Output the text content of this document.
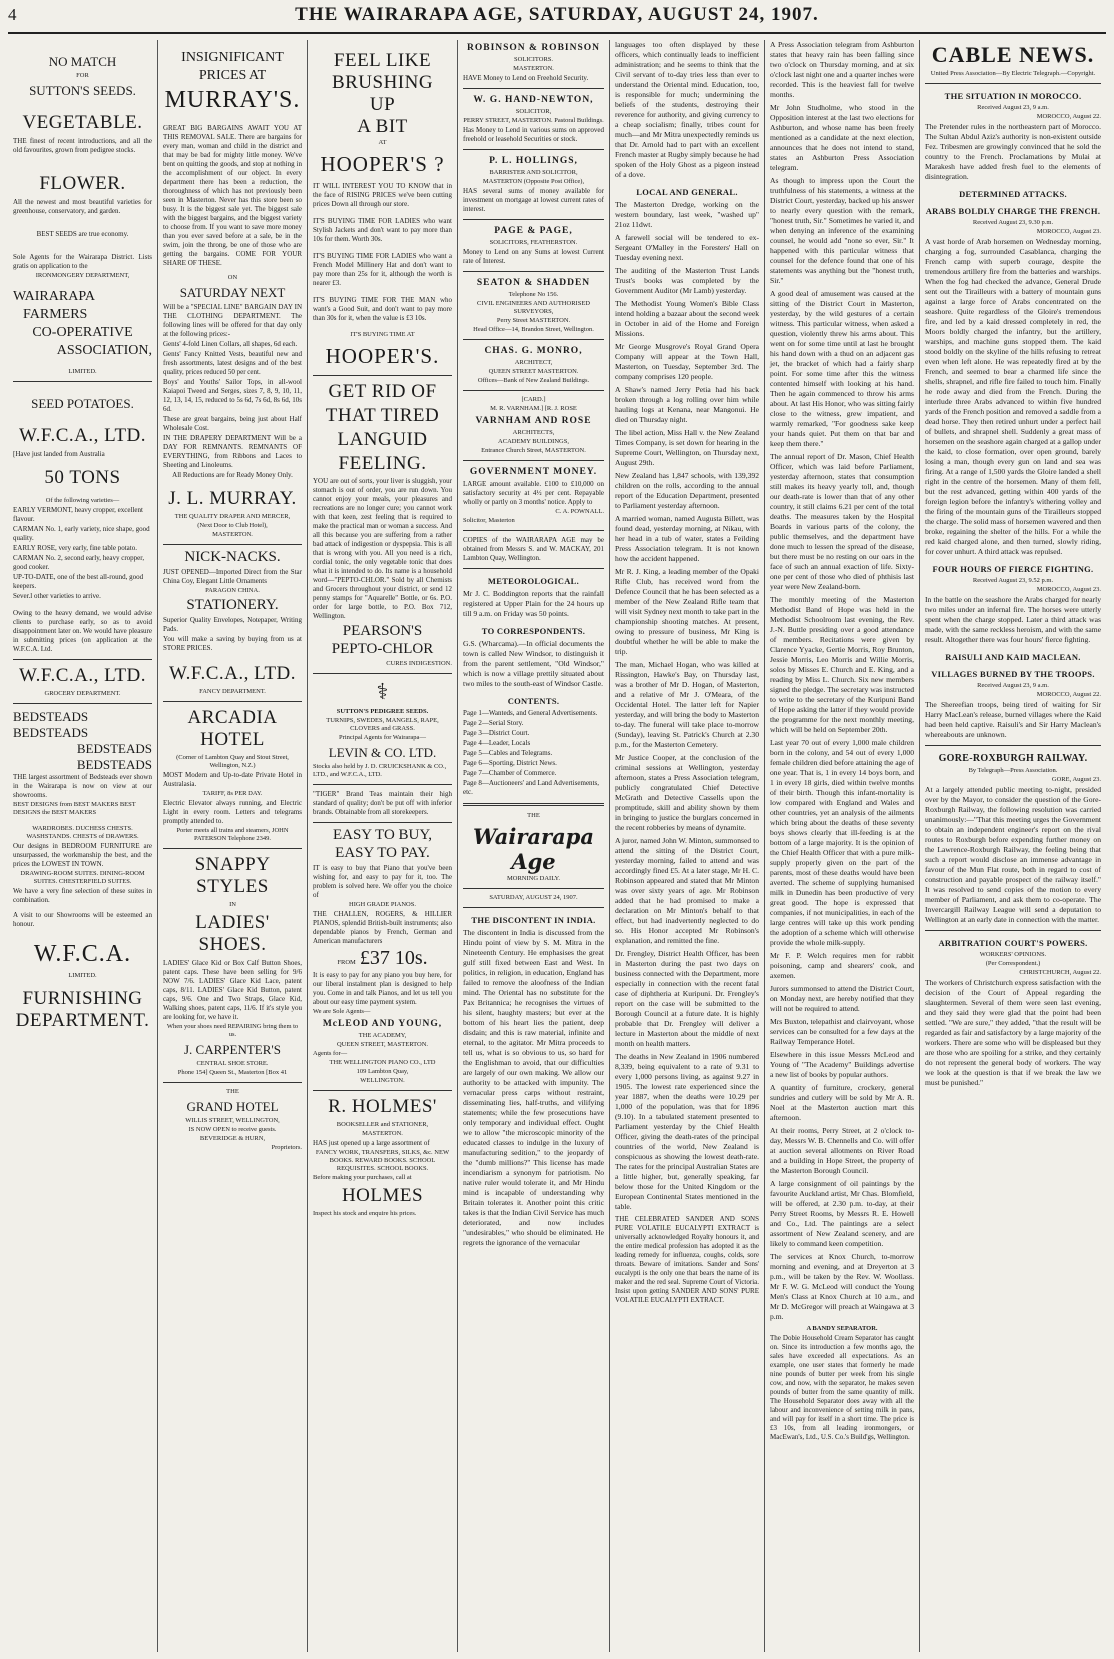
4	THE WAIRARAPA AGE, SATURDAY, AUGUST 24, 1907.

NO MATCH

FOR

SUTTON'S SEEDS.

VEGETABLE.

THE finest of recent introductions, and all the old favourites, grown from pedigree stocks.

FLOWER.

All the newest and most beautiful varieties for greenhouse, conservatory, and garden.

BEST SEEDS are true economy.

Sole Agents for the Wairarapa District. Lists gratis on application to the

IRONMONGERY DEPARTMENT,

WAIRARAPA

FARMERS

CO-OPERATIVE

ASSOCIATION,

LIMITED.

SEED POTATOES.

W.F.C.A., LTD.

[Have just landed from Australia

50 TONS

Of the following varieties—

EARLY VERMONT, heavy cropper, excellent flavour.

CARMAN No. 1, early variety, nice shape, good quality.

EARLY ROSE, very early, fine table potato.

CARMAN No. 2, second early, heavy cropper, good cooker.

UP-TO-DATE, one of the best all-round, good keepers.

Sever.l other varieties to arrive.

Owing to the heavy demand, we would advise clients to purchase early, so as to avoid disappointment later on. We would have pleasure in submitting prices (on application at the W.F.C.A. Ltd.

W.F.C.A., LTD.

GROCERY DEPARTMENT.

BEDSTEADS

BEDSTEADS

BEDSTEADS

BEDSTEADS

THE largest assortment of Bedsteads ever shown in the Wairarapa is now on view at our showrooms.

BEST DESIGNS from BEST MAKERS BEST DESIGNS the BEST MAKERS

WARDROBES. DUCHESS CHESTS. WASHSTANDS. CHESTS of DRAWERS.

Our designs in BEDROOM FURNITURE are unsurpassed, the workmanship the best, and the prices the LOWEST IN TOWN.

DRAWING-ROOM SUITES. DINING-ROOM SUITES. CHESTERFIELD SUITES.

We have a very fine selection of these suites in combination.

A visit to our Showrooms will be esteemed an honour.

W.F.C.A.

LIMITED.

FURNISHING DEPARTMENT.

INSIGNIFICANT

PRICES AT

MURRAY'S.

GREAT BIG BARGAINS AWAIT YOU AT THIS REMOVAL SALE. There are bargains for every man, woman and child in the district and that may be bad for mighty little money. We've bent on quitting the goods, and stop at nothing in the accomplishment of our object. In every department there has been a reduction, the thoroughness of which has not previously been seen in Masterton. Never has this store been so busy. It is the biggest sale yet. The biggest sale with the biggest bargains, and the biggest variety to choose from. If you want to save more money than you ever saved before at a sale, be in the swim, join the throng, be one of those who are getting the bargains. COME FOR YOUR SHARE OF THESE.

ON

SATURDAY NEXT

Will be a "SPECIAL LINE" BARGAIN DAY IN THE CLOTHING DEPARTMENT. The following lines will be offered for that day only at the following prices:-

Gents' 4-fold Linen Collars, all shapes, 6d each.

Gents' Fancy Knitted Vests, beautiful new and fresh assortments, latest designs and of the best quality, prices reduced 50 per cent.

Boys' and Youths' Sailor Tops, in all-wool Kaiapoi Tweed and Serges, sizes 7, 8, 9, 10, 11, 12, 13, 14, 15, reduced to 5s 6d, 7s 6d, 8s 6d, 10s 6d.

These are great bargains, being just about Half Wholesale Cost.

IN THE DRAPERY DEPARTMENT Will be a DAY FOR REMNANTS. REMNANTS OF EVERYTHING, from Ribbons and Laces to Sheeting and Linoleums.

All Reductions are for Ready Money Only.

J. L. MURRAY.

THE QUALITY DRAPER AND MERCER,

(Next Door to Club Hotel),

MASTERTON.

NICK-NACKS.

JUST OPENED—Imported Direct from the Star China Coy, Elegant Little Ornaments

PARAGON CHINA.

STATIONERY.

Superior Quality Envelopes, Notepaper, Writing Pads.

You will make a saving by buying from us at STORE PRICES.

W.F.C.A., LTD.

FANCY DEPARTMENT.

ARCADIA HOTEL

(Corner of Lambton Quay and Stout Street, Wellington, N.Z.)

MOST Modern and Up-to-date Private Hotel in Australasia.

TARIFF, 8s PER DAY.

Electric Elevator always running, and Electric Light in every room. Letters and telegrams promptly attended to.

Porter meets all trains and steamers, JOHN PATERSON Telephone 2349.

SNAPPY STYLES

IN

LADIES' SHOES.

LADIES' Glace Kid or Box Calf Button Shoes, patent caps. These have been selling for 9/6 NOW 7/6. LADIES' Glace Kid Lace, patent caps, 8/11. LADIES' Glace Kid Button, patent caps, 9/6. One and Two Straps, Glace Kid, Walking shoes, patent caps, 11/6. If it's style you are looking for, we have it.

When your shoes need REPAIRING bring them to us.

J. CARPENTER'S

CENTRAL SHOE STORE.

Phone 154] Queen St., Masterton [Box 41

THE

GRAND HOTEL

WILLIS STREET, WELLINGTON,

IS NOW OPEN to receive guests.

BEVERIDGE & HURN,

Proprietors.

FEEL LIKE

BRUSHING

UP

A BIT

AT

HOOPER'S ?

IT WILL INTEREST YOU TO KNOW that in the face of RISING PRICES we've been cutting prices Down all through our store.

IT'S BUYING TIME FOR LADIES who want Stylish Jackets and don't want to pay more than 10s for them. Worth 30s.

IT'S BUYING TIME FOR LADIES who want a French Model Millinery Hat and don't want to pay more than 25s for it, although the worth is nearer £3.

IT'S BUYING TIME FOR THE MAN who want's a Good Suit, and don't want to pay more than 30s for it, when the value is £3 10s.

IT'S BUYING TIME AT

HOOPER'S.

GET RID OF

THAT TIRED

LANGUID

FEELING.

YOU are out of sorts, your liver is sluggish, your stomach is out of order, you are run down. You cannot enjoy your meals, your pleasures and recreations are no longer cure; you cannot work with that keen, zest feeling that is required to make the practical man or woman a success. And all this because you are suffering from a rather bad attack of indigestion or dyspepsia. This is all that is wrong with you. All you need is a rich, cordial tonic, the only vegetable tonic that does what it is intended to do. Its name is a household word—"PEPTO-CHLOR." Sold by all Chemists and Grocers throughout your district, or send 12 penny stamps for "Aquarelle" Bottle, or 6s. P.O. order for large bottle, to P.O. Box 712, Wellington.

PEARSON'S

PEPTO-CHLOR

CURES INDIGESTION.

⚕

SUTTON'S PEDIGREE SEEDS.

TURNIPS, SWEDES, MANGELS, RAPE, CLOVERS and GRASS.

Principal Agents for Wairarapa—

LEVIN & CO. LTD.

Stocks also held by J. D. CRUICKSHANK & CO., LTD., and W.F.C.A., LTD.

"TIGER" Brand Teas maintain their high standard of quality; don't be put off with inferior brands. Obtainable from all storekeepers.

EASY TO BUY,

EASY TO PAY.

IT is easy to buy that Piano that you've been wishing for, and easy to pay for it, too. The problem is solved here. We offer you the choice of

HIGH GRADE PIANOS.

THE CHALLEN, ROGERS, & HILLIER PIANOS, splendid British-built instruments; also dependable pianos by French, German and American manufacturers

FROM £37 10s.

It is easy to pay for any piano you buy here, for our liberal instalment plan is designed to help you. Come in and talk Pianos, and let us tell you about our easy time payment system.

We are Sole Agents—

McLEOD AND YOUNG,

THE ACADEMY,

QUEEN STREET, MASTERTON.

Agents for—

THE WELLINGTON PIANO CO., LTD

109 Lambton Quay,

WELLINGTON.

R. HOLMES'

BOOKSELLER and STATIONER,

MASTERTON.

HAS just opened up a large assortment of

FANCY WORK, TRANSFERS, SILKS, &c. NEW BOOKS. REWARD BOOKS. SCHOOL REQUISITES. SCHOOL BOOKS.

Before making your purchases, call at

HOLMES

Inspect his stock and enquire his prices.

ROBINSON & ROBINSON

SOLICITORS.

MASTERTON.

HAVE Money to Lend on Freehold Security.

W. G. HAND-NEWTON,

SOLICITOR,

PERRY STREET, MASTERTON. Pastoral Buildings.

Has Money to Lend in various sums on approved freehold or leasehold Securities or stock.

P. L. HOLLINGS,

BARRISTER AND SOLICITOR,

MASTERTON (Opposite Post Office),

HAS several sums of money available for investment on mortgage at lowest current rates of interest.

PAGE & PAGE,

SOLICITORS, FEATHERSTON.

Money to Lend on any Sums at lowest Current rate of Interest.

SEATON & SHADDEN

Telephone No 156.

CIVIL ENGINEERS AND AUTHORISED SURVEYORS,

Perry Street MASTERTON.

Head Office—14, Brandon Street, Wellington.

CHAS. G. MONRO,

ARCHITECT,

QUEEN STREET MASTERTON.

Offices—Bank of New Zealand Buildings.

[CARD.]

M. R. VARNHAM.] [R. J. ROSE

VARNHAM AND ROSE

ARCHITECTS,

ACADEMY BUILDINGS,

Entrance Church Street, MASTERTON.

GOVERNMENT MONEY.

LARGE amount available. £100 to £10,000 on satisfactory security at 4½ per cent. Repayable wholly or partly on 3 months' notice. Apply to

C. A. POWNALL.

Solicitor, Masterton

COPIES of the WAIRARAPA AGE may be obtained from Messrs S. and W. MACKAY, 201 Lambton Quay, Wellington.

METEOROLOGICAL.

Mr J. C. Boddington reports that the rainfall registered at Upper Plain for the 24 hours up till 9 a.m. on Friday was 50 points.

TO CORRESPONDENTS.

G.S. (Wharcama).—In official documents the town is called New Windsor, to distinguish it from the parent settlement, "Old Windsor," which is now a village prettily situated about two miles to the south-east of Windsor Castle.

CONTENTS.

Page 1—Wanteds, and General Advertisements.

Page 2—Serial Story.

Page 3—District Court.

Page 4—Leader, Locals

Page 5—Cables and Telegrams.

Page 6—Sporting, District News.

Page 7—Chamber of Commerce.

Page 8—Auctioneers' and Land Advertisements, etc.

THE

Wairarapa Age

MORNING DAILY.

SATURDAY, AUGUST 24, 1907.

THE DISCONTENT IN INDIA.

The discontent in India is discussed from the Hindu point of view by S. M. Mitra in the Nineteenth Century. He emphasises the great gulf still fixed between East and West. In politics, in religion, in education, England has failed to remove the aloofness of the Indian mind. The Oriental has no substitute for the Pax Britannica; he recognises the virtues of his silent, haughty masters; but ever at the bottom of his heart lies the patient, deep disdain; and this is raw material, infinite and eternal, to the agitator. Mr Mitra proceeds to tell us, what is so obvious to us, so hard for the Englishman to avoid, that our difficulties are largely of our own making. We allow our authority to be attacked with impunity. The vernacular press carps without restraint, disseminating lies, half-truths, and vilifying statements; while the few prosecutions have only temporary and individual effect. Ought we to allow "the microscopic minority of the educated classes to indulge in the luxury of manufacturing sedition," to the jeopardy of the "dumb millions?" This license has made incendiarism a synonym for patriotism. No native ruler would tolerate it, and Mr Hindu mind is incapable of understanding why Britain tolerates it. Another point this critic takes is that the Indian Civil Service has much deteriorated, and now includes "undesirables," who should be eliminated. He regrets the ignorance of the vernacular

languages too often displayed by these officers, which continually leads to inefficient administration; and he seems to think that the Civil servant of to-day tries less than ever to understand the Oriental mind. Education, too, is responsible for much; undermining the beliefs of the students, destroying their reverence for authority, and giving currency to a cheap socialism; finally, tribes count for much—and Mr Mitra unexpectedly reminds us that Dr. Arnold had to part with an excellent French master at Rugby simply because he had spoken of the Holy Ghost as a pigeon instead of a dove.

LOCAL AND GENERAL.

The Masterton Dredge, working on the western boundary, last week, "washed up" 21oz 11dwt.

A farewell social will be tendered to ex-Sergeant O'Malley in the Foresters' Hall on Tuesday evening next.

The auditing of the Masterton Trust Lands Trust's books was completed by the Government Auditor (Mr Lamb) yesterday.

The Methodist Young Women's Bible Class intend holding a bazaar about the second week in October in aid of the Home and Foreign Missions.

Mr George Musgrove's Royal Grand Opera Company will appear at the Town Hall, Masterton, on Tuesday, September 3rd. The company comprises 120 people.

A Shaw's named Jerry Petia had his back broken through a log rolling over him while hauling logs at Kenana, near Mangonui. He died on Thursday night.

The libel action, Miss Hall v. the New Zealand Times Company, is set down for hearing in the Supreme Court, Wellington, on Thursday next, August 29th.

New Zealand has 1,847 schools, with 139,392 children on the rolls, according to the annual report of the Education Department, presented to Parliament yesterday afternoon.

A married woman, named Augusta Billett, was found dead, yesterday morning, at Nikau, with her head in a tub of water, states a Feilding Press Association telegram. It is not known how the accident happened.

Mr R. J. King, a leading member of the Opaki Rifle Club, has received word from the Defence Council that he has been selected as a member of the New Zealand Rifle team that will visit Sydney next month to take part in the championship shooting matches. At present, owing to pressure of business, Mr King is doubtful whether he will be able to make the trip.

The man, Michael Hogan, who was killed at Rissington, Hawke's Bay, on Thursday last, was a brother of Mr D. Hogan, of Masterton, and a relative of Mr J. O'Meara, of the Occidental Hotel. The latter left for Napier yesterday, and will bring the body to Masterton to-day. The funeral will take place to-morrow (Sunday), leaving St. Patrick's Church at 2.30 p.m., for the Masterton Cemetery.

Mr Justice Cooper, at the conclusion of the criminal sessions at Wellington, yesterday afternoon, states a Press Association telegram, publicly congratulated Chief Detective McGrath and Detective Cassells upon the promptitude, skill and ability shown by them in bringing to justice the burglars concerned in the recent robberies by means of dynamite.

A juror, named John W. Minton, summonsed to attend the sitting of the District Court, yesterday morning, failed to attend and was accordingly fined £5. At a later stage, Mr H. C. Robinson appeared and stated that Mr Minton was over sixty years of age. Mr Robinson added that he had promised to make a declaration on Mr Minton's behalf to that effect, but had inadvertently neglected to do so. His Honor accepted Mr Robinson's explanation, and remitted the fine.

Dr. Frengley, District Health Officer, has been in Masterton during the past two days on business connected with the Department, more especially in connection with the recent fatal case of diphtheria at Kuripuni. Dr. Frengley's report on the case will be submitted to the Borough Council at a future date. It is highly probable that Dr. Frengley will deliver a lecture in Masterton about the middle of next month on health matters.

The deaths in New Zealand in 1906 numbered 8,339, being equivalent to a rate of 9.31 to every 1,000 persons living, as against 9.27 in 1905. The lowest rate experienced since the year 1887, when the deaths were 10.29 per 1,000 of the population, was that for 1896 (9.10). In a tabulated statement presented to Parliament yesterday by the Chief Health Officer, giving the death-rates of the principal countries of the world, New Zealand is conspicuous as showing the lowest death-rate. The rates for the principal Australian States are a little higher, but, generally speaking, far below those for the United Kingdom or the European Continental States mentioned in the table.

THE CELEBRATED SANDER AND SONS PURE VOLATILE EUCALYPTI EXTRACT is universally acknowledged Royalty honours it, and the entire medical profession has adopted it as the leading remedy for influenza, coughs, colds, sore throats. Beware of imitations. Sander and Sons' eucalypti is the only one that bears the name of its maker and the red seal. Supreme Court of Victoria. Insist upon getting SANDER AND SONS' PURE VOLATILE EUCALYPTI EXTRACT.

A Press Association telegram from Ashburton states that heavy rain has been falling since two o'clock on Thursday morning, and at six o'clock last night one and a quarter inches were recorded. This is the heaviest fall for twelve months.

Mr John Studholme, who stood in the Opposition interest at the last two elections for Ashburton, and whose name has been freely mentioned as a candidate at the next election, announces that he does not intend to stand, states an Ashburton Press Association telegram.

As though to impress upon the Court the truthfulness of his statements, a witness at the District Court, yesterday, backed up his answer to nearly every question with the remark, "honest truth, Sir." Sometimes he varied it, and when denying an inference of the examining counsel, he would add "none so ever, Sir." It happened with this particular witness that counsel for the defence found that one of his statements was anything but the "honest truth, Sir."

A good deal of amusement was caused at the sitting of the District Court in Masterton, yesterday, by the wild gestures of a certain witness. This particular witness, when asked a question, violently threw his arms about. This went on for some time until at last he brought his hand down with a thud on an adjacent gas jet, the bracket of which had a fairly sharp point. For some time after this the witness contented himself with looking at his hand. Then he again commenced to throw his arms about. At last His Honor, who was sitting fairly close to the witness, grew impatient, and warmly remarked, "For goodness sake keep your hands quiet. Put them on that bar and keep them there."

The annual report of Dr. Mason, Chief Health Officer, which was laid before Parliament, yesterday afternoon, states that consumption still makes its heavy yearly toll, and, though our death-rate is lower than that of any other country, it still claims 6.21 per cent of the total deaths. The measures taken by the Hospital Boards in various parts of the colony, the public themselves, and the department have done much to lessen the spread of the disease, but there must be no resting on our oars in the face of such an annual exaction of life. Sixty-one per cent of those who died of phthisis last year were New Zealand-born.

The monthly meeting of the Masterton Methodist Band of Hope was held in the Methodist Schoolroom last evening, the Rev. J.-N. Buttle presiding over a good attendance of members. Recitations were given by Clarence Yyacke, Gertie Morris, Roy Brunton, Jessie Morris, Leo Morris and Willie Morris, solos by Misses E. Church and E. King, and a reading by Miss L. Church. Six new members signed the pledge. The secretary was instructed to write to the secretary of the Kuripuni Band of Hope asking the latter if they would provide the programme for the next monthly meeting, which will be held on September 20th.

Last year 70 out of every 1,000 male children born in the colony, and 54 out of every 1,000 female children died before attaining the age of one year. That is, 1 in every 14 boys born, and 1 in every 18 girls, died within twelve months of their birth. Though this infant-mortality is low compared with England and Wales and other countries, yet an analysis of the ailments which bring about the deaths of these seventy boys shows clearly that ill-feeding is at the bottom of a large majority. It is the opinion of the Chief Health Officer that with a pure milk-supply properly given on the part of the parents, most of these deaths would have been averted. The scheme of supplying humanised milk in Dunedin has been productive of very great good. The hope is expressed that companies, if not municipalities, in each of the large centres will take up this work pending the adoption of a scheme which will otherwise provide the whole milk-supply.

Mr F. P. Welch requires men for rabbit poisoning, camp and shearers' cook, and axemen.

Jurors summonsed to attend the District Court, on Monday next, are hereby notified that they will not be required to attend.

Mrs Buxton, telepathist and clairvoyant, whose services can be consulted for a few days at the Railway Temperance Hotel.

Elsewhere in this issue Messrs McLeod and Young of "The Academy" Buildings advertise a new list of books by popular authors.

A quantity of furniture, crockery, general sundries and cutlery will be sold by Mr A. R. Noel at the Masterton auction mart this afternoon.

At their rooms, Perry Street, at 2 o'clock to-day, Messrs W. B. Chennells and Co. will offer at auction several allotments on River Road and a building in Hope Street, the property of the Masterton Borough Council.

A large consignment of oil paintings by the favourite Auckland artist, Mr Chas. Blomfield, will be offered, at 2.30 p.m. to-day, at their Perry Street Rooms, by Messrs R. E. Howell and Co., Ltd. The paintings are a select assortment of New Zealand scenery, and are likely to command keen competition.

The services at Knox Church, to-morrow morning and evening, and at Dreyerton at 3 p.m., will be taken by the Rev. W. Woollass. Mr F. W. G. McLeod will conduct the Young Men's Class at Knox Church at 10 a.m., and Mr D. McGregor will preach at Waingawa at 3 p.m.

A BANDY SEPARATOR.

The Dobie Household Cream Separator has caught on. Since its introduction a few months ago, the sales have exceeded all expectations. As an example, one user states that formerly he made nine pounds of butter per week from his single cow, and now, with the separator, he makes seven pounds of butter from the same quantity of milk. The Household Separator does away with all the labour and inconvenience of setting milk in pans, and will pay for itself in a short time. The price is £3 10s, from all leading ironmongers, or MacEwan's, Ltd., U.S. Co.'s Build'gs, Wellington.

CABLE NEWS.

United Press Association—By Electric Telegraph.—Copyright.

THE SITUATION IN MOROCCO.

Received August 23, 9 a.m.

MOROCCO, August 22.

The Pretender rules in the northeastern part of Morocco. The Sultan Abdul Aziz's authority is non-existent outside Fez. Tribesmen are growingly convinced that he sold the country to the French. Proclamations by Mulai at Marakesh have added fresh fuel to the elements of disintegration.

DETERMINED ATTACKS.

ARABS BOLDLY CHARGE THE FRENCH.

Received August 23, 9.30 p.m.

MOROCCO, August 23.

A vast horde of Arab horsemen on Wednesday morning, charging a fog, surrounded Casablanca, charging the French camp with superb courage, despite the tremendous artillery fire from the batteries and warships. When the fog had checked the advance, General Drude sent out the Tirailleurs with a battery of mountain guns against a large force of Arabs concentrated on the seashore. Quite regardless of the Gloire's tremendous fire, and led by a kaid dressed completely in red, the Moors boldly charged the infantry, but the artillery, warships, and machine guns stopped them. The kaid stood boldly on the skyline of the hills refusing to retreat even when left alone. He was repeatedly fired at by the French, and seemed to bear a charmed life since the shells, shrapnel, and rifle fire failed to touch him. Finally he rode away and died from the French. During the interlude three Arabs advanced to within five hundred yards of the French position and removed a saddle from a dead horse. They then retired unhurt under a perfect hail of bullets, and shrapnel shell. Suddenly a great mass of horsemen on the seashore again charged at a gallop under the kaid, to close formation, over open ground, barely losing a man, though every gun on land and sea was firing. At a range of 1,500 yards the Gloire landed a shell right in the centre of the horsemen. Many of them fell, but the rest advanced, getting within 400 yards of the foreign legion before the infantry's withering volley and the firing of the mountain guns of the Tirailleurs stopped the charge. The solid mass of horsemen wavered and then broke, regaining the shelter of the hills. For a while the red kaid charged alone, and then turned, slowly riding, for cover unhurt. A third attack was repulsed.

FOUR HOURS OF FIERCE FIGHTING.

Received August 23, 9.52 p.m.

MOROCCO, August 23.

In the battle on the seashore the Arabs charged for nearly two miles under an infernal fire. The horses were utterly spent when the charge stopped. Later a third attack was made, with the same reckless heroism, and with the same result. Altogether there was four hours' fierce fighting.

RAISULI AND KAID MACLEAN.

VILLAGES BURNED BY THE TROOPS.

Received August 23, 9 a.m.

MOROCCO, August 22.

The Shereefian troops, being tired of waiting for Sir Harry MacLean's release, burned villages where the Kaid had been held captive. Raisuli's and Sir Harry Maclean's whereabouts are unknown.

GORE-ROXBURGH RAILWAY.

By Telegraph—Press Association.

GORE, August 23.

At a largely attended public meeting to-night, presided over by the Mayor, to consider the question of the Gore-Roxburgh Railway, the following resolution was carried unanimously:—"That this meeting urges the Government to obtain an independent engineer's report on the rival routes to Roxburgh before expending further money on the Lawrence-Roxburgh Railway, the feeling being that such a report would disclose an immense advantage in favour of the Mun Flat route, both in regard to cost of construction and payable prospect of the railway itself." It was resolved to send copies of the motion to every member of Parliament, and ask them to co-operate. The Invercargill Railway League will send a deputation to Wellington at an early date in connection with the matter.

ARBITRATION COURT'S POWERS.

WORKERS' OPINIONS.

(Per Correspondent.)

CHRISTCHURCH, August 22.

The workers of Christchurch express satisfaction with the decision of the Court of Appeal regarding the slaughtermen. Several of them were seen last evening, and they said they were glad that the point had been settled. "We are sure," they added, "that the result will be regarded as fair and satisfactory by a large majority of the workers. There are some who will be displeased but they are those who are spoiling for a strike, and they certainly do not represent the general body of workers. The way we look at the question is that if we break the law we must be punished."
